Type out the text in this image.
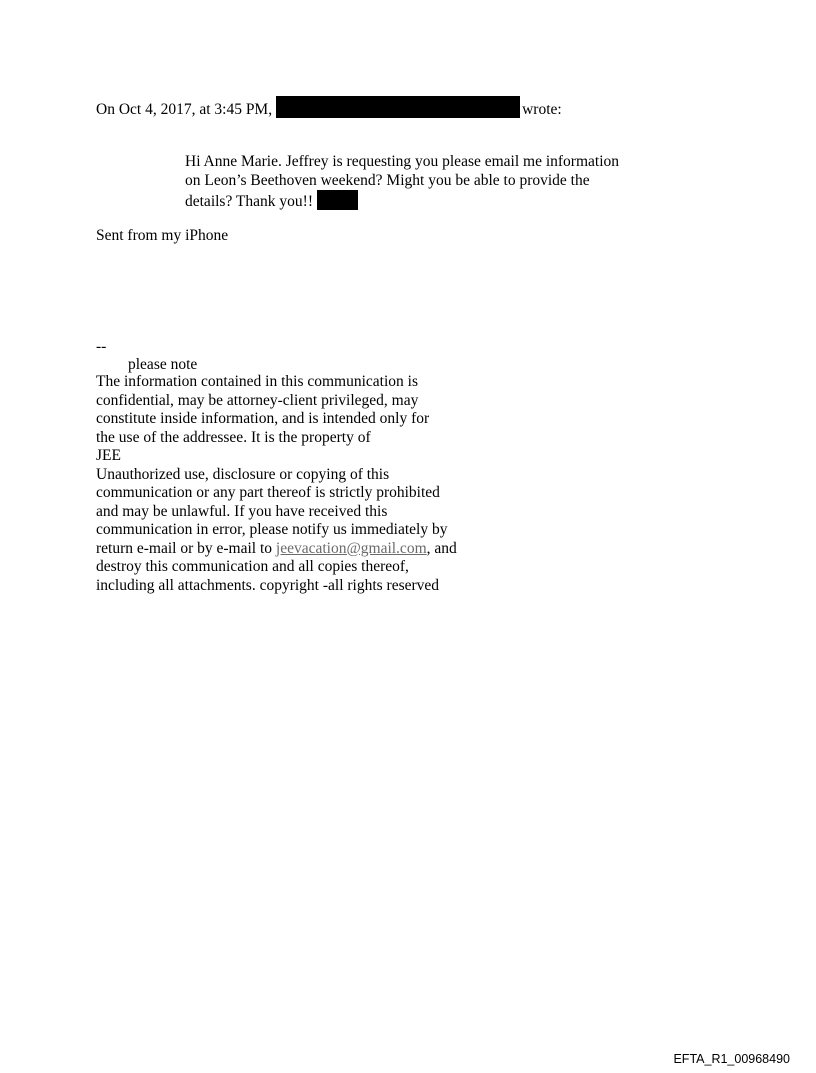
On Oct 4, 2017, at 3:45 PM,	wrote:
Hi Anne Marie. Jeffrey is requesting you please email me information
on Leon’s Beethoven weekend? Might you be able to provide the
details? Thank you!!
Sent from my iPhone
--
please note
The information contained in this communication is
confidential, may be attorney-client privileged, may
constitute inside information, and is intended only for
the use of the addressee. It is the property of
JEE
Unauthorized use, disclosure or copying of this
communication or any part thereof is strictly prohibited
and may be unlawful. If you have received this
communication in error, please notify us immediately by
return e-mail or by e-mail to jeevacation@gmail.com, and
destroy this communication and all copies thereof,
including all attachments. copyright -all rights reserved
EFTA_R1_00968490
